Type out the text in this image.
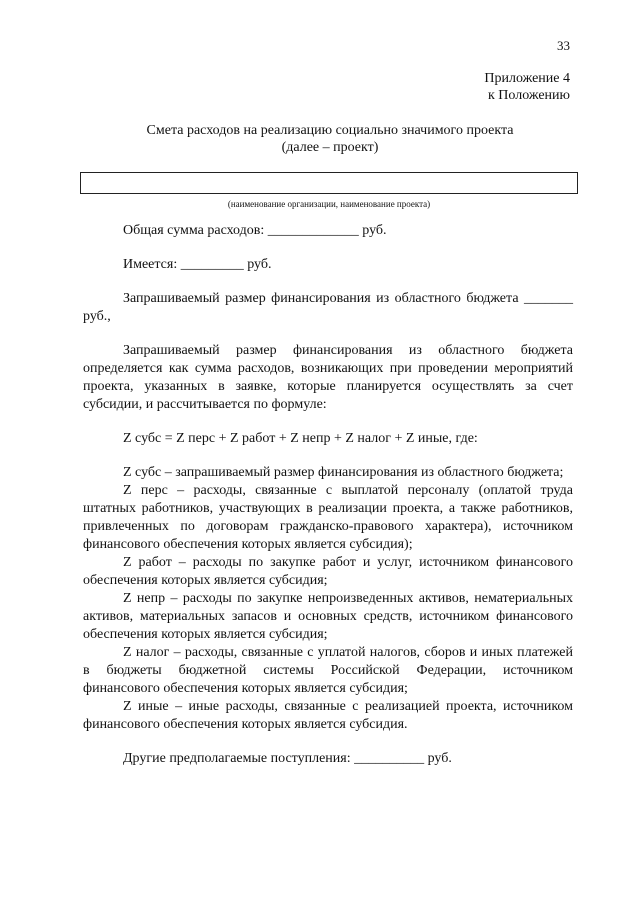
33
Приложение 4
к Положению
Смета расходов на реализацию социально значимого проекта
(далее – проект)
(наименование организации, наименование проекта)

Общая сумма расходов: _____________ руб.

Имеется: _________ руб.

Запрашиваемый размер финансирования из областного бюджета _______ руб.,

Запрашиваемый размер финансирования из областного бюджета определяется как сумма расходов, возникающих при проведении мероприятий проекта, указанных в заявке, которые планируется осуществлять за счет субсидии, и рассчитывается по формуле:

Z субс = Z перс + Z работ + Z непр + Z налог + Z иные, где:

Z субс – запрашиваемый размер финансирования из областного бюджета;

Z перс – расходы, связанные с выплатой персоналу (оплатой труда штатных работников, участвующих в реализации проекта, а также работников, привлеченных по договорам гражданско-правового характера), источником финансового обеспечения которых является субсидия);

Z работ – расходы по закупке работ и услуг, источником финансового обеспечения которых является субсидия;

Z непр – расходы по закупке непроизведенных активов, нематериальных активов, материальных запасов и основных средств, источником финансового обеспечения которых является субсидия;

Z налог – расходы, связанные с уплатой налогов, сборов и иных платежей в бюджеты бюджетной системы Российской Федерации, источником финансового обеспечения которых является субсидия;

Z иные – иные расходы, связанные с реализацией проекта, источником финансового обеспечения которых является субсидия.

Другие предполагаемые поступления: __________ руб.
